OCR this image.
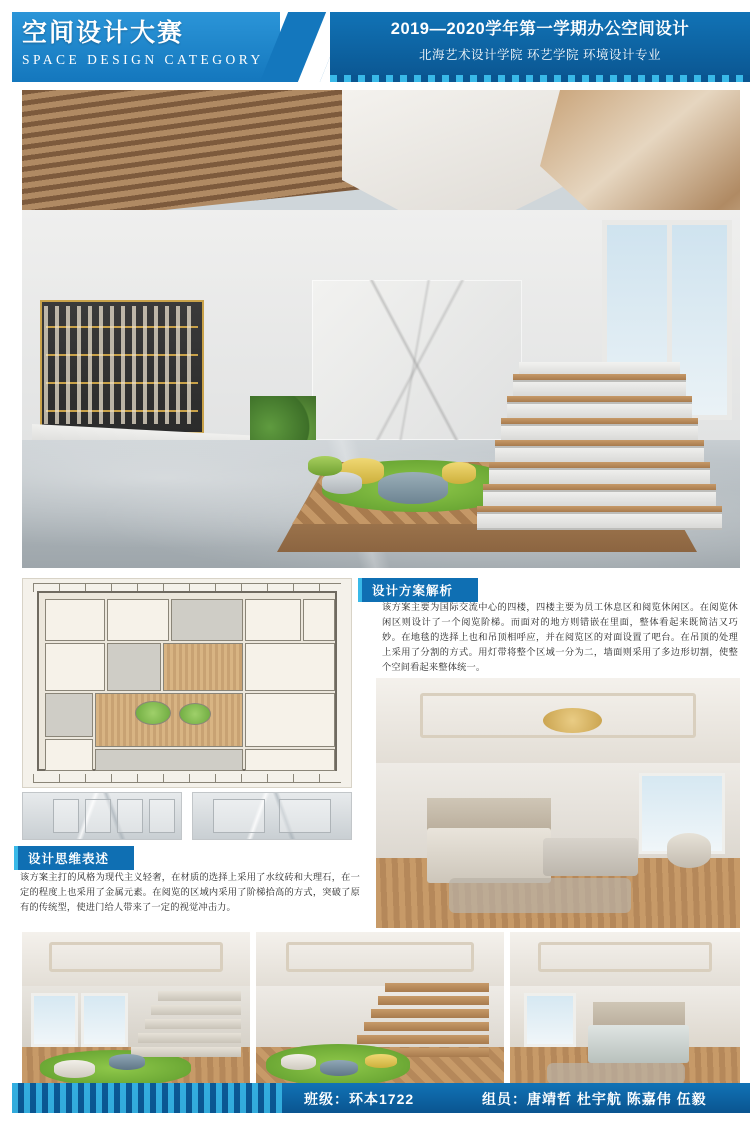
空间设计大赛
SPACE DESIGN CATEGORY
2019—2020学年第一学期办公空间设计
北海艺术设计学院 环艺学院 环境设计专业
设计方案解析
该方案主要为国际交流中心的四楼，四楼主要为员工休息区和阅览休闲区。在阅览休闲区则设计了一个阅览阶梯。而面对的地方则错嵌在里面，整体看起来既简洁又巧妙。在地毯的选择上也和吊顶相呼应，并在阅览区的对面设置了吧台。在吊顶的处理上采用了分割的方式。用灯带将整个区域一分为二，墙面则采用了多边形切割，使整个空间看起来整体统一。
设计思维表述
该方案主打的风格为现代主义轻奢，在材质的选择上采用了水纹砖和大理石，在一定的程度上也采用了金属元素。在阅览的区域内采用了阶梯拾高的方式，突破了原有的传统型，使进门给人带来了一定的视觉冲击力。
班级：环本1722	组员：唐靖哲 杜宇航 陈嘉伟 伍毅
